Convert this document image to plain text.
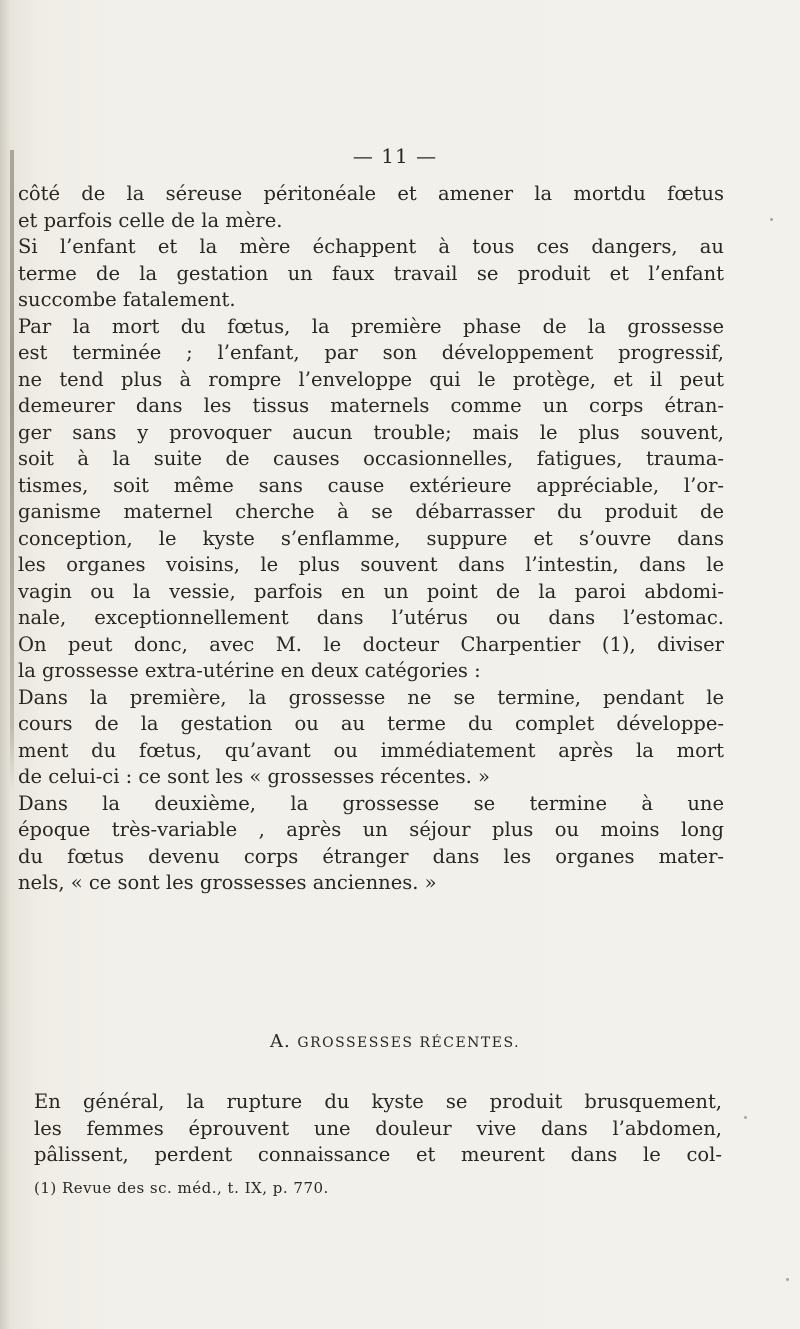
— 11 —
côté de la séreuse péritonéale et amener la mortdu fœtus
et parfois celle de la mère.
Si l’enfant et la mère échappent à tous ces dangers, au
terme de la gestation un faux travail se produit et l’enfant
succombe fatalement.
Par la mort du fœtus, la première phase de la grossesse
est terminée ; l’enfant, par son développement progressif,
ne tend plus à rompre l’enveloppe qui le protège, et il peut
demeurer dans les tissus maternels comme un corps étran-
ger sans y provoquer aucun trouble; mais le plus souvent,
soit à la suite de causes occasionnelles, fatigues, trauma-
tismes, soit même sans cause extérieure appréciable, l’or-
ganisme maternel cherche à se débarrasser du produit de
conception, le kyste s’enflamme, suppure et s’ouvre dans
les organes voisins, le plus souvent dans l’intestin, dans le
vagin ou la vessie, parfois en un point de la paroi abdomi-
nale, exceptionnellement dans l’utérus ou dans l’estomac.
On peut donc, avec M. le docteur Charpentier (1), diviser
la grossesse extra-utérine en deux catégories :
Dans la première, la grossesse ne se termine, pendant le
cours de la gestation ou au terme du complet développe-
ment du fœtus, qu’avant ou immédiatement après la mort
de celui-ci : ce sont les « grossesses récentes. »
Dans la deuxième, la grossesse se termine à une
époque très-variable , après un séjour plus ou moins long
du fœtus devenu corps étranger dans les organes mater-
nels, « ce sont les grossesses anciennes. »
A. GROSSESSES RÉCENTES.
En général, la rupture du kyste se produit brusquement,
les femmes éprouvent une douleur vive dans l’abdomen,
pâlissent, perdent connaissance et meurent dans le col-
(1) Revue des sc. méd., t. IX, p. 770.
